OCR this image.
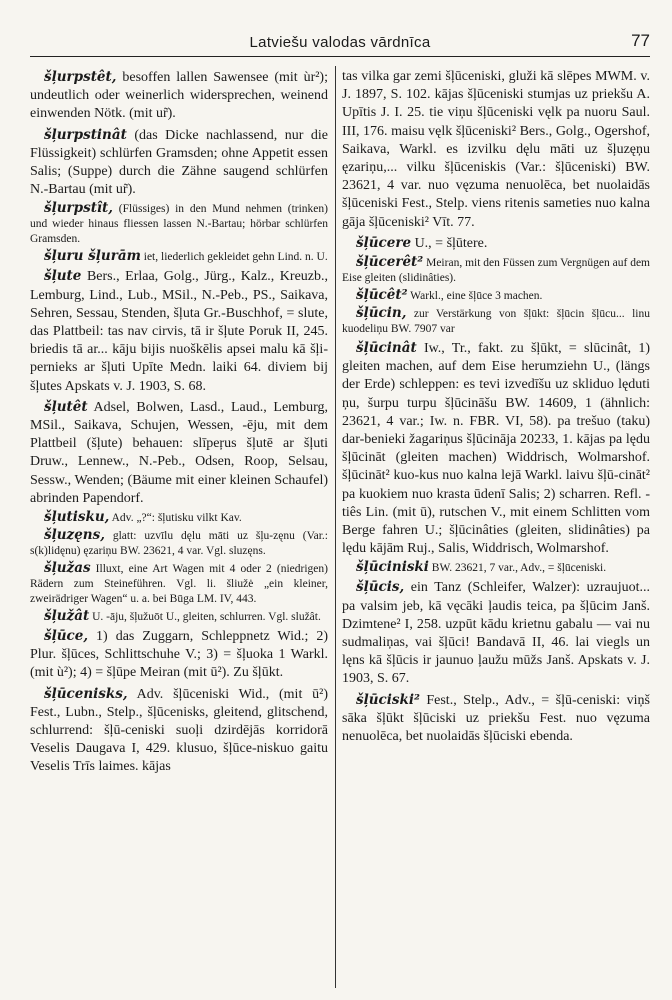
Latviešu valodas vārdnīca	77

šļurpstêt, besoffen lallen Sawensee (mit ùr²); undeutlich oder weinerlich widersprechen, weinend einwenden Nötk. (mit ur̃).

šļurpstinât (das Dicke nachlassend, nur die Flüssigkeit) schlürfen Gramsden; ohne Appetit essen Salis; (Suppe) durch die Zähne saugend schlürfen N.-Bartau (mit ur̃).

šļurpstît, (Flüssiges) in den Mund nehmen (trinken) und wieder hinaus fliessen lassen N.-Bartau; hörbar schlürfen Gramsden.

šļuru šļurām iet, liederlich gekleidet gehn Lind. n. U.

šļute Bers., Erlaa, Golg., Jürg., Kalz., Kreuzb., Lemburg, Lind., Lub., MSil., N.-Peb., PS., Saikava, Sehren, Sessau, Stenden, šļuta Gr.-Buschhof, = slute, das Plattbeil: tas nav cirvis, tā ir šļute Poruk II, 245. briedis tā ar... kāju bijis nuoškēlis apsei malu kā šļi-pernieks ar šļuti Upīte Medn. laiki 64. diviem bij šļutes Apskats v. J. 1903, S. 68.

šļutêt Adsel, Bolwen, Lasd., Laud., Lemburg, MSil., Saikava, Schujen, Wessen, -ēju, mit dem Plattbeil (šļute) behauen: slīpeŗus šļutē ar šļuti Druw., Lennew., N.-Peb., Odsen, Roop, Selsau, Sessw., Wenden; (Bäume mit einer kleinen Schaufel) abrinden Papendorf.

šļutisku, Adv. „?“: šļutisku vilkt Kav.

šļuzęns, glatt: uzvīlu dęlu māti uz šļu-zęnu (Var.: s(k)lidęnu) ęzariņu BW. 23621, 4 var. Vgl. sluzęns.

šļužas Illuxt, eine Art Wagen mit 4 oder 2 (niedrigen) Rädern zum Steineführen. Vgl. li. šliužė „ein kleiner, zweirädriger Wagen“ u. a. bei Būga LM. IV, 443.

šļužât U. -āju, šļužuōt U., gleiten, schlurren. Vgl. služât.

šļūce, 1) das Zuggarn, Schleppnetz Wid.; 2) Plur. šļūces, Schlittschuhe V.; 3) = šļuoka 1 Warkl. (mit ù²); 4) = šļūpe Meiran (mit ū²). Zu šļūkt.

šļūcenisks, Adv. šļūceniski Wid., (mit ū²) Fest., Lubn., Stelp., šļūcenisks, gleitend, glitschend, schlurrend: šļū-ceniski suoļi dzirdējās korridorā Veselis Daugava I, 429. klusuo, šļūce-niskuo gaitu Veselis Trīs laimes. kājas

tas vilka gar zemi šļūceniski, gluži kā slēpes MWM. v. J. 1897, S. 102. kājas šļūceniski stumjas uz priekšu A. Upītis J. I. 25. tie viņu šļūceniski vęlk pa nuoru Saul. III, 176. maisu vęlk šļūceniski² Bers., Golg., Ogershof, Saikava, Warkl. es izvilku dęlu māti uz šļuzęņu ęzariņu,... vilku šļūceniskis (Var.: šļūceniski) BW. 23621, 4 var. nuo vęzuma nenuolēca, bet nuolaidās šļūceniski Fest., Stelp. viens ritenis sameties nuo kalna gāja šļūceniski² Vīt. 77.

šļūcere U., = šļūtere.

šļūcerêt² Meiran, mit den Füssen zum Vergnügen auf dem Eise gleiten (slidinâties).

šļūcêt² Warkl., eine šļūce 3 machen.

šļūcin, zur Verstärkung von šļūkt: šļūcin šļūcu... linu kuodeliņu BW. 7907 var

šļūcinât Iw., Tr., fakt. zu šļūkt, = slūcinât, 1) gleiten machen, auf dem Eise herumziehn U., (längs der Erde) schleppen: es tevi izvedīšu uz skliduo lęduti ņu, šurpu turpu šļūcināšu BW. 14609, 1 (ähnlich: 23621, 4 var.; Iw. n. FBR. VI, 58). pa trešuo (taku) dar-benieki žagariņus šļūcināja 20233, 1. kājas pa lędu šļūcināt (gleiten machen) Widdrisch, Wolmarshof. šļūcināt² kuo-kus nuo kalna lejā Warkl. laivu šļū-cināt² pa kuokiem nuo krasta ūdenī Salis; 2) scharren. Refl. -tiês Lin. (mit ū), rutschen V., mit einem Schlitten vom Berge fahren U.; šļūcinâties (gleiten, slidinâties) pa lędu kājām Ruj., Salis, Widdrisch, Wolmarshof.

šļūciniski BW. 23621, 7 var., Adv., = šļūceniski.

šļūcis, ein Tanz (Schleifer, Walzer): uzraujuot... pa valsim jeb, kā vęcāki ļaudis teica, pa šļūcim Janš. Dzimtene² I, 258. uzpūt kādu krietnu gabalu — vai nu sudmaliņas, vai šļūci! Bandavā II, 46. lai viegls un lęns kā šļūcis ir jaunuo ļaužu mūžs Janš. Apskats v. J. 1903, S. 67.

šļūciski² Fest., Stelp., Adv., = šļū-ceniski: viņš sāka šļūkt šļūciski uz priekšu Fest. nuo vęzuma nenuolēca, bet nuolaidās šļūciski ebenda.
